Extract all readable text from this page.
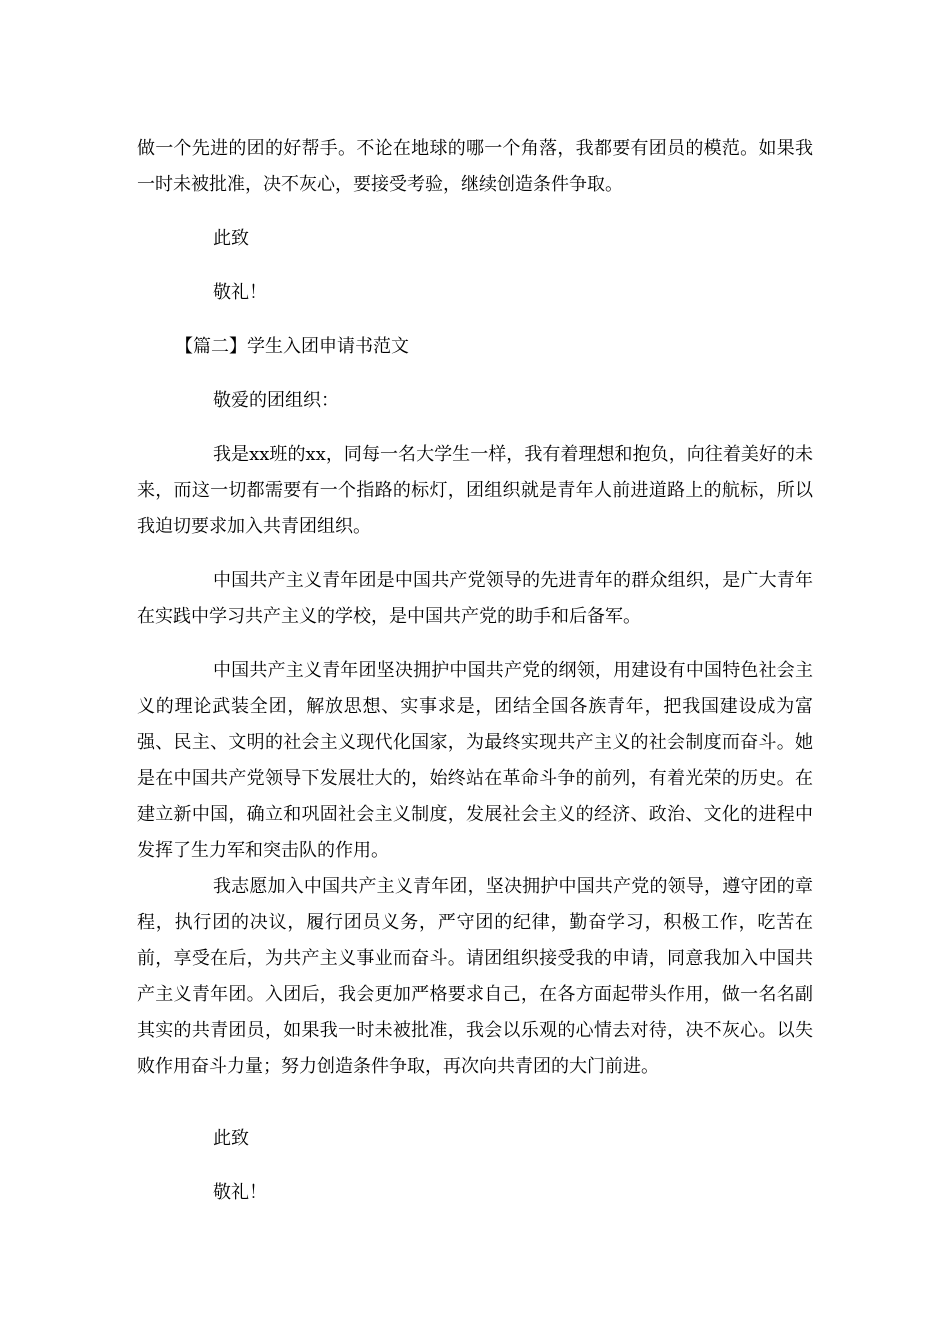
做一个先进的团的好帮手。不论在地球的哪一个角落，我都要有团员的模范。如果我一时未被批准，决不灰心，要接受考验，继续创造条件争取。

此致

敬礼！

【篇二】学生入团申请书范文

敬爱的团组织：

我是xx班的xx，同每一名大学生一样，我有着理想和抱负，向往着美好的未来，而这一切都需要有一个指路的标灯，团组织就是青年人前进道路上的航标，所以我迫切要求加入共青团组织。

中国共产主义青年团是中国共产党领导的先进青年的群众组织，是广大青年在实践中学习共产主义的学校，是中国共产党的助手和后备军。

中国共产主义青年团坚决拥护中国共产党的纲领，用建设有中国特色社会主义的理论武装全团，解放思想、实事求是，团结全国各族青年，把我国建设成为富强、民主、文明的社会主义现代化国家，为最终实现共产主义的社会制度而奋斗。她是在中国共产党领导下发展壮大的，始终站在革命斗争的前列，有着光荣的历史。在建立新中国，确立和巩固社会主义制度，发展社会主义的经济、政治、文化的进程中发挥了生力军和突击队的作用。

我志愿加入中国共产主义青年团，坚决拥护中国共产党的领导，遵守团的章程，执行团的决议，履行团员义务，严守团的纪律，勤奋学习，积极工作，吃苦在前，享受在后，为共产主义事业而奋斗。请团组织接受我的申请，同意我加入中国共产主义青年团。入团后，我会更加严格要求自己，在各方面起带头作用，做一名名副其实的共青团员，如果我一时未被批准，我会以乐观的心情去对待，决不灰心。以失败作用奋斗力量；努力创造条件争取，再次向共青团的大门前进。

此致

敬礼！
